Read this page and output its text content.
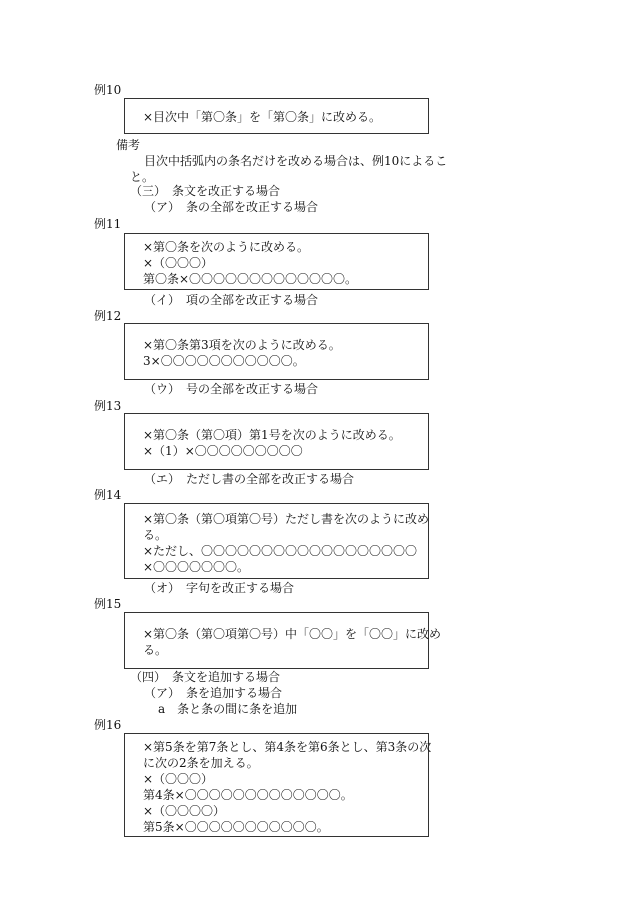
例10
×目次中「第〇条」を「第〇条」に改める。
備考
目次中括弧内の条名だけを改める場合は、例10によるこ
と。
（三）　条文を改正する場合
（ア）　条の全部を改正する場合
例11
×第〇条を次のように改める。
×（〇〇〇）
第〇条×〇〇〇〇〇〇〇〇〇〇〇〇〇。
（イ）　項の全部を改正する場合
例12
×第〇条第3項を次のように改める。
3×〇〇〇〇〇〇〇〇〇〇〇。
（ウ）　号の全部を改正する場合
例13
×第〇条（第〇項）第1号を次のように改める。
×（1）×〇〇〇〇〇〇〇〇〇
（エ）　ただし書の全部を改正する場合
例14
×第〇条（第〇項第〇号）ただし書を次のように改め
る。
×ただし、〇〇〇〇〇〇〇〇〇〇〇〇〇〇〇〇〇〇
×〇〇〇〇〇〇〇。
（オ）　字句を改正する場合
例15
×第〇条（第〇項第〇号）中「〇〇」を「〇〇」に改め
る。
（四）　条文を追加する場合
（ア）　条を追加する場合
a　条と条の間に条を追加
例16
×第5条を第7条とし、第4条を第6条とし、第3条の次
に次の2条を加える。
×（〇〇〇）
第4条×〇〇〇〇〇〇〇〇〇〇〇〇〇。
×（〇〇〇〇）
第5条×〇〇〇〇〇〇〇〇〇〇〇。
